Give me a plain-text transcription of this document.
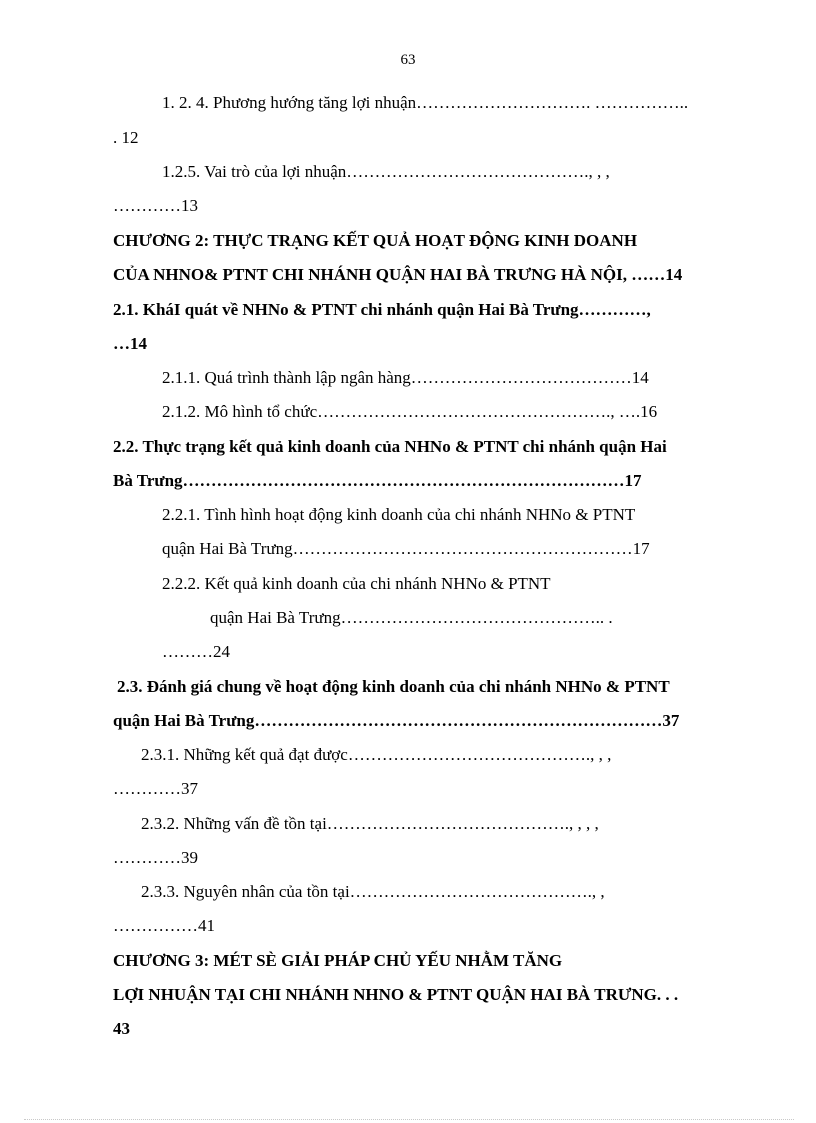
63
1. 2. 4. Phương hướng tăng lợi nhuận…………………………. ……………..
. 12
1.2.5. Vai trò của lợi nhuận……………………………………., , ,
…………13
CHƯƠNG 2: THỰC TRẠNG KẾT QUẢ HOẠT ĐỘNG KINH DOANH
CỦA NHNO& PTNT CHI NHÁNH QUẬN HAI BÀ TRƯNG HÀ NỘI, ……14
2.1. KháI quát về NHNo & PTNT chi nhánh quận Hai Bà Trưng…………,
…14
2.1.1. Quá trình thành lập ngân hàng…………………………………14
2.1.2. Mô hình tổ chức……………………………………………., ….16
2.2. Thực trạng kết quả kinh doanh của NHNo & PTNT chi nhánh quận Hai
Bà Trưng……………………………………………………………………17
2.2.1. Tình hình hoạt động kinh doanh của chi nhánh NHNo & PTNT
quận Hai Bà Trưng……………………………………………………17
2.2.2. Kết quả kinh doanh của chi nhánh NHNo & PTNT
quận Hai Bà Trưng……………………………………….. .
………24
2.3. Đánh giá chung về hoạt động kinh doanh của chi nhánh NHNo & PTNT
quận Hai Bà Trưng………………………………………………………………37
2.3.1. Những kết quả đạt được……………………………………., , ,
…………37
2.3.2. Những vấn đề tồn tại……………………………………., , , ,
…………39
2.3.3. Nguyên nhân của tồn tại……………………………………., ,
……………41
CHƯƠNG 3: MÉT SÈ GIẢI PHÁP CHỦ YẾU NHẰM TĂNG
LỢI NHUẬN TẠI CHI NHÁNH NHNO & PTNT QUẬN HAI BÀ TRƯNG. . .
43
